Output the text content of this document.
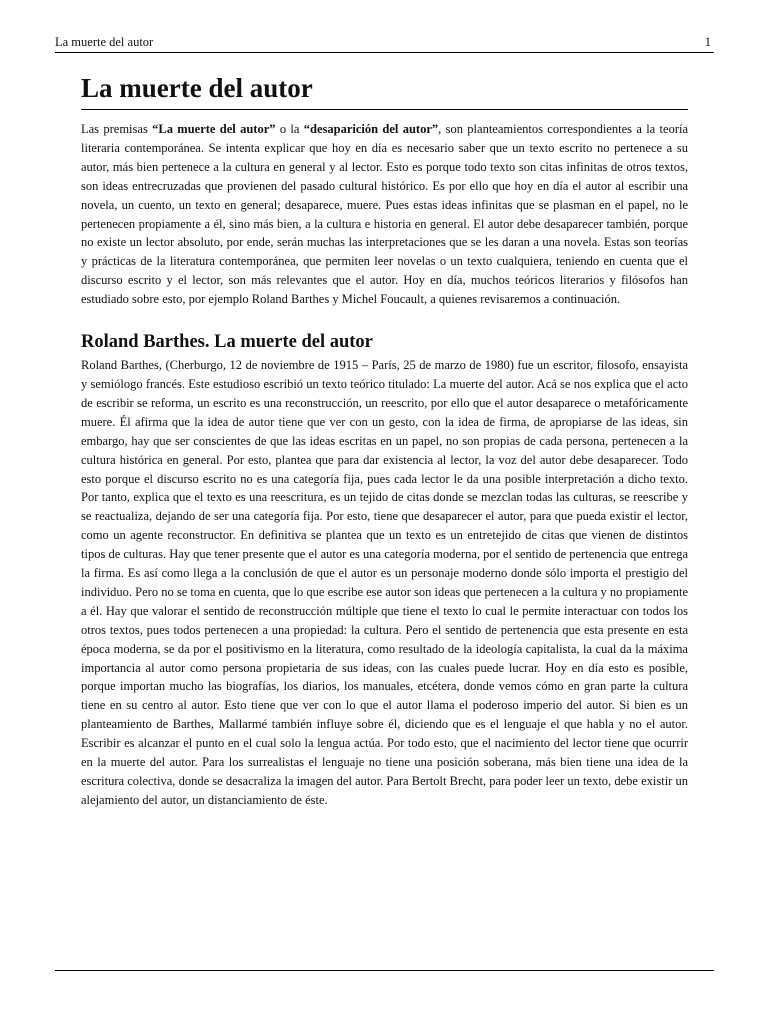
La muerte del autor	1
La muerte del autor

Las premisas “La muerte del autor” o la “desaparición del autor”, son planteamientos correspondientes a la teoría literaria contemporánea. Se intenta explicar que hoy en día es necesario saber que un texto escrito no pertenece a su autor, más bien pertenece a la cultura en general y al lector. Esto es porque todo texto son citas infinitas de otros textos, son ideas entrecruzadas que provienen del pasado cultural histórico. Es por ello que hoy en día el autor al escribir una novela, un cuento, un texto en general; desaparece, muere. Pues estas ideas infinitas que se plasman en el papel, no le pertenecen propiamente a él, sino más bien, a la cultura e historia en general. El autor debe desaparecer también, porque no existe un lector absoluto, por ende, serán muchas las interpretaciones que se les daran a una novela. Estas son teorías y prácticas de la literatura contemporánea, que permiten leer novelas o un texto cualquiera, teniendo en cuenta que el discurso escrito y el lector, son más relevantes que el autor. Hoy en día, muchos teóricos literarios y filósofos han estudiado sobre esto, por ejemplo Roland Barthes y Michel Foucault, a quienes revisaremos a continuación.

Roland Barthes. La muerte del autor

Roland Barthes, (Cherburgo, 12 de noviembre de 1915 – París, 25 de marzo de 1980) fue un escritor, filosofo, ensayista y semiólogo francés. Este estudioso escribió un texto teórico titulado: La muerte del autor. Acá se nos explica que el acto de escribir se reforma, un escrito es una reconstrucción, un reescrito, por ello que el autor desaparece o metafóricamente muere. Él afirma que la idea de autor tiene que ver con un gesto, con la idea de firma, de apropiarse de las ideas, sin embargo, hay que ser conscientes de que las ideas escritas en un papel, no son propias de cada persona, pertenecen a la cultura histórica en general. Por esto, plantea que para dar existencia al lector, la voz del autor debe desaparecer. Todo esto porque el discurso escrito no es una categoría fija, pues cada lector le da una posible interpretación a dicho texto. Por tanto, explica que el texto es una reescritura, es un tejido de citas donde se mezclan todas las culturas, se reescribe y se reactualiza, dejando de ser una categoría fija. Por esto, tiene que desaparecer el autor, para que pueda existir el lector, como un agente reconstructor. En definitiva se plantea que un texto es un entretejido de citas que vienen de distintos tipos de culturas. Hay que tener presente que el autor es una categoría moderna, por el sentido de pertenencia que entrega la firma. Es así como llega a la conclusión de que el autor es un personaje moderno donde sólo importa el prestigio del individuo. Pero no se toma en cuenta, que lo que escribe ese autor son ideas que pertenecen a la cultura y no propiamente a él. Hay que valorar el sentido de reconstrucción múltiple que tiene el texto lo cual le permite interactuar con todos los otros textos, pues todos pertenecen a una propiedad: la cultura. Pero el sentido de pertenencia que esta presente en esta época moderna, se da por el positivismo en la literatura, como resultado de la ideología capitalista, la cual da la máxima importancia al autor como persona propietaria de sus ideas, con las cuales puede lucrar. Hoy en día esto es posible, porque importan mucho las biografías, los diarios, los manuales, etcétera, donde vemos cómo en gran parte la cultura tiene en su centro al autor. Esto tiene que ver con lo que el autor llama el poderoso imperio del autor. Si bien es un planteamiento de Barthes, Mallarmé también influye sobre él, diciendo que es el lenguaje el que habla y no el autor. Escribir es alcanzar el punto en el cual solo la lengua actúa. Por todo esto, que el nacimiento del lector tiene que ocurrir en la muerte del autor. Para los surrealistas el lenguaje no tiene una posición soberana, más bien tiene una idea de la escritura colectiva, donde se desacraliza la imagen del autor. Para Bertolt Brecht, para poder leer un texto, debe existir un alejamiento del autor, un distanciamiento de éste.
